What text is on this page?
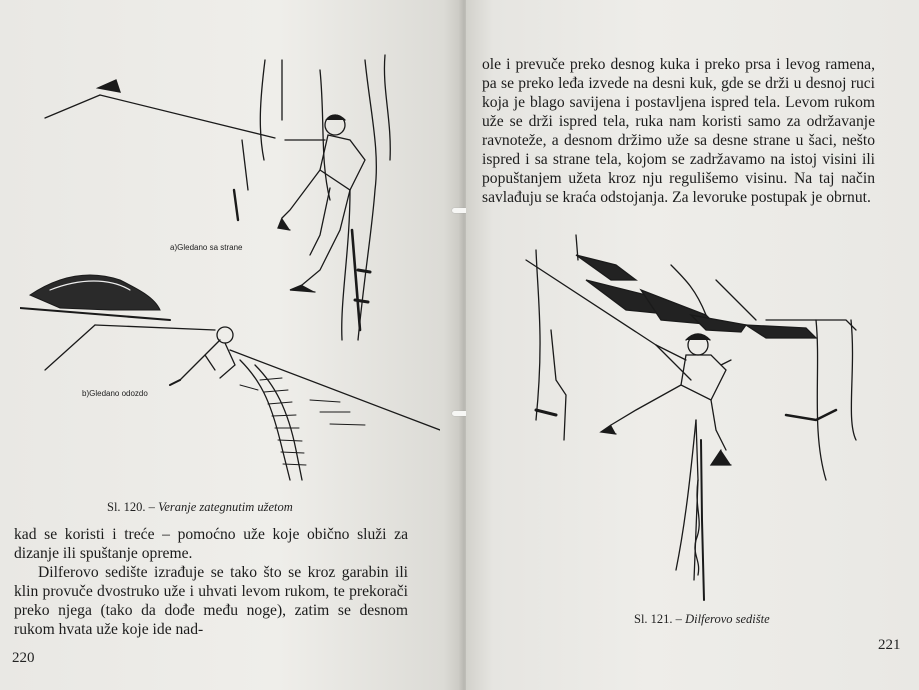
a)Gledano sa strane
b)Gledano odozdo
Sl. 120. – Veranje zategnutim užetom

kad se koristi i treće – pomoćno uže koje obično služi za dizanje ili spuštanje opreme.

Dilferovo sedište izrađuje se tako što se kroz garabin ili klin provuče dvostruko uže i uhvati levom rukom, te prekorači preko njega (tako da dođe među noge), zatim se desnom rukom hvata uže koje ide nad-

220

ole i prevuče preko desnog kuka i preko prsa i levog ramena, pa se preko leđa izvede na desni kuk, gde se drži u desnoj ruci koja je blago savijena i postavljena ispred tela. Levom rukom uže se drži ispred tela, ruka nam koristi samo za održavanje ravnoteže, a desnom držimo uže sa desne strane u šaci, nešto ispred i sa strane tela, kojom se zadržavamo na istoj visini ili popuštanjem užeta kroz nju regulišemo visinu. Na taj način savlađuju se kraća odstojanja. Za levoruke postupak je obrnut.

Sl. 121. – Dilferovo sedište
221
